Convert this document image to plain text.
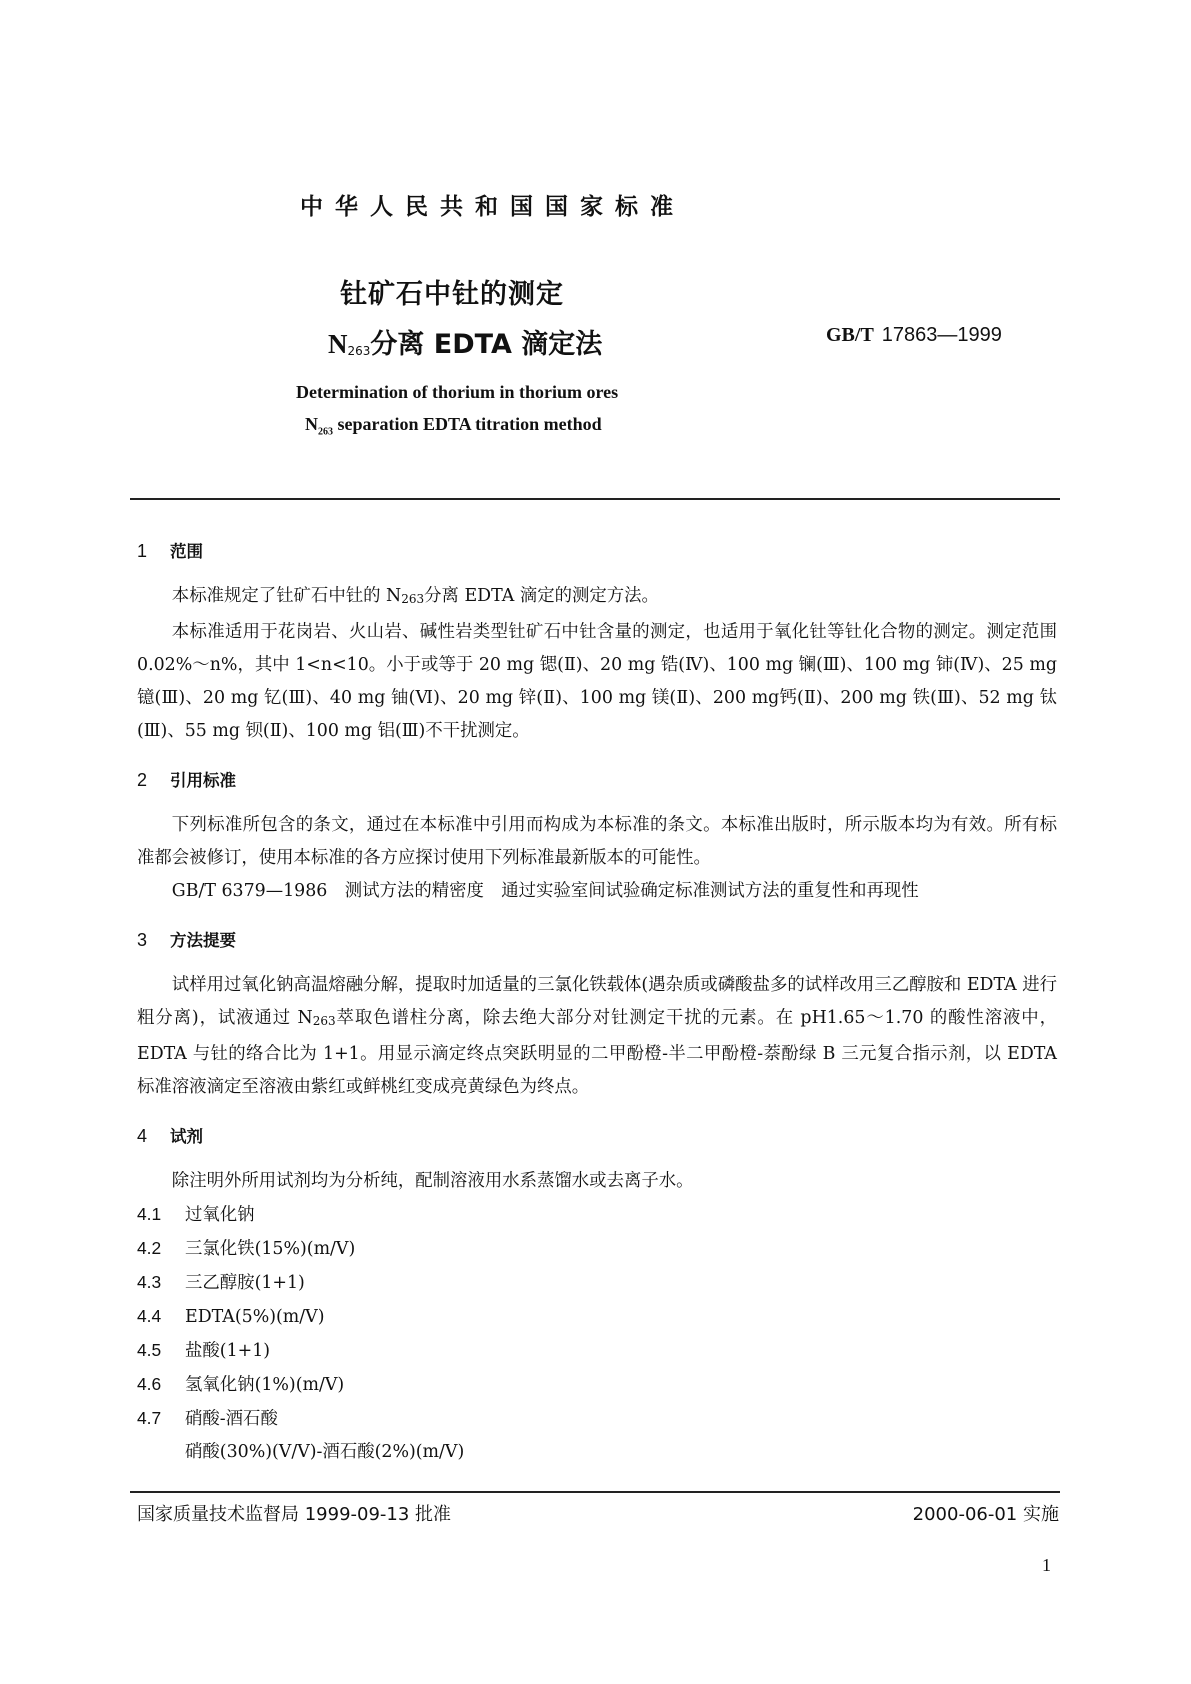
中华人民共和国国家标准
钍矿石中钍的测定
$N_{263}$分离 EDTA 滴定法	GB/T 17863—1999
Determination of thorium in thorium ores
$N_{263}$ separation EDTA titration method
1 范围

本标准规定了钍矿石中钍的 $N_{263}$分离 EDTA 滴定的测定方法。

本标准适用于花岗岩、火山岩、碱性岩类型钍矿石中钍含量的测定，也适用于氧化钍等钍化合物的测定。测定范围 0.02%～n%，其中 1<n<10。小于或等于 20 mg 锶(Ⅱ)、20 mg 锆(Ⅳ)、100 mg 镧(Ⅲ)、100 mg 铈(Ⅳ)、25 mg 镱(Ⅲ)、20 mg 钇(Ⅲ)、40 mg 铀(Ⅵ)、20 mg 锌(Ⅱ)、100 mg 镁(Ⅱ)、200 mg钙(Ⅱ)、200 mg 铁(Ⅲ)、52 mg 钛(Ⅲ)、55 mg 钡(Ⅱ)、100 mg 铝(Ⅲ)不干扰测定。

2 引用标准

下列标准所包含的条文，通过在本标准中引用而构成为本标准的条文。本标准出版时，所示版本均为有效。所有标准都会被修订，使用本标准的各方应探讨使用下列标准最新版本的可能性。

GB/T 6379—1986　测试方法的精密度　通过实验室间试验确定标准测试方法的重复性和再现性

3 方法提要

试样用过氧化钠高温熔融分解，提取时加适量的三氯化铁载体(遇杂质或磷酸盐多的试样改用三乙醇胺和 EDTA 进行粗分离)，试液通过 $N_{263}$萃取色谱柱分离，除去绝大部分对钍测定干扰的元素。在 pH1.65～1.70 的酸性溶液中，EDTA 与钍的络合比为 1+1。用显示滴定终点突跃明显的二甲酚橙-半二甲酚橙-萘酚绿 B 三元复合指示剂，以 EDTA 标准溶液滴定至溶液由紫红或鲜桃红变成亮黄绿色为终点。

4 试剂

除注明外所用试剂均为分析纯，配制溶液用水系蒸馏水或去离子水。

4.1 过氧化钠

4.2 三氯化铁(15%)(m/V)

4.3 三乙醇胺(1+1)

4.4 EDTA(5%)(m/V)

4.5 盐酸(1+1)

4.6 氢氧化钠(1%)(m/V)

4.7 硝酸-酒石酸

硝酸(30%)(V/V)-酒石酸(2%)(m/V)

国家质量技术监督局 1999-09-13 批准	2000-06-01 实施
1
